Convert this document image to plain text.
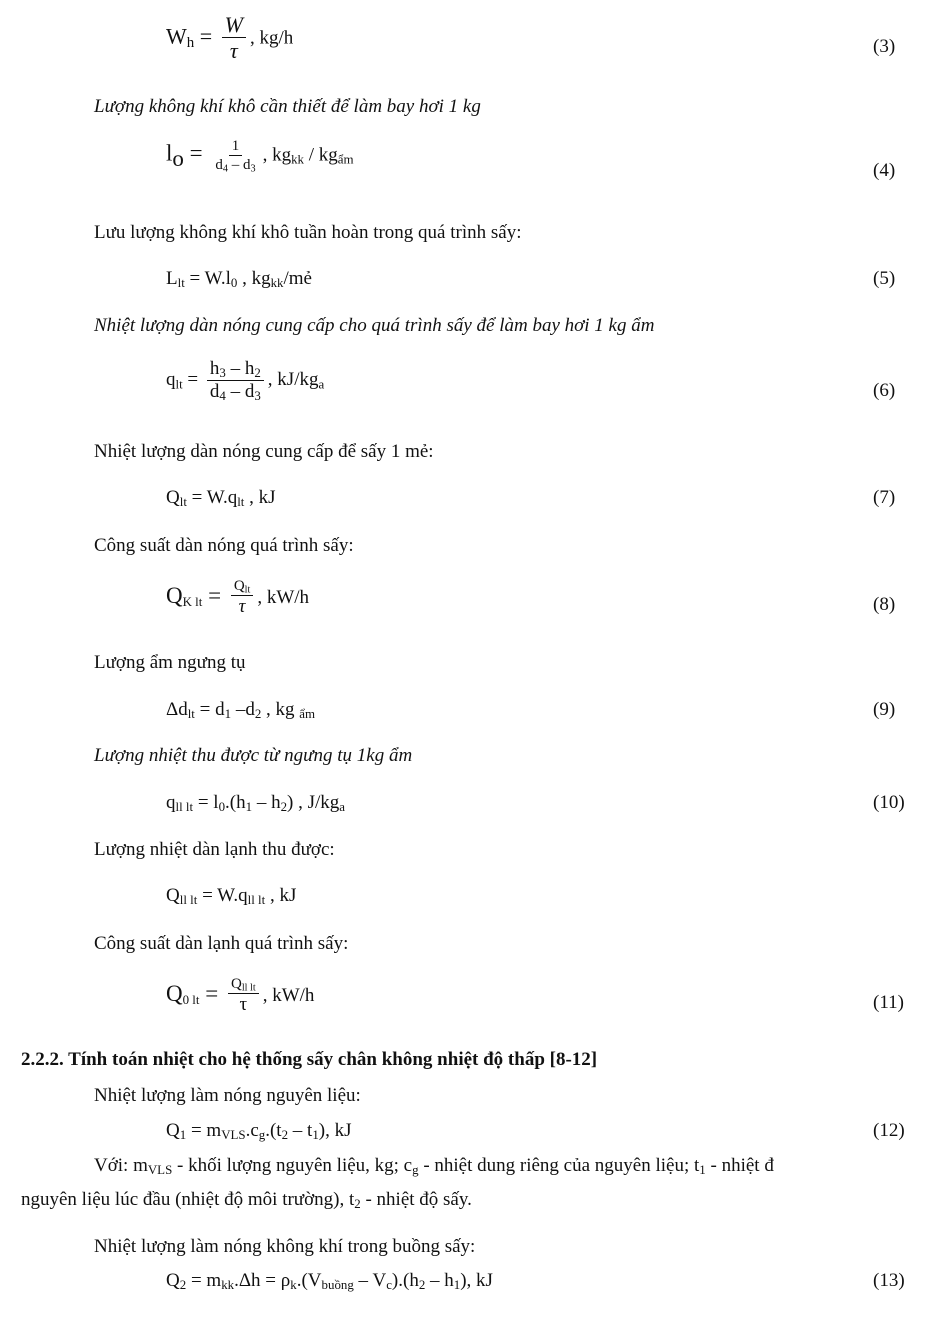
$W_h = \frac{W}{\tau}$ , kg/h	(3)
Lượng không khí khô cần thiết để làm bay hơi 1 kg
$l_o = \frac{1}{d_4 - d_3}$ , $kg_{kk} / kg_{ẩm}$
(4)
Lưu lượng không khí khô tuần hoàn trong quá trình sấy:
$L_{lt} = W.l_0$ , $kg_{kk}/mẻ$	(5)
Nhiệt lượng dàn nóng cung cấp cho quá trình sấy để làm bay hơi 1 kg ẩm
$q_{lt} = \frac{h_3 - h_2}{d_4 - d_3}$ , $kJ/kg_a$	(6)
Nhiệt lượng dàn nóng cung cấp để sấy 1 mẻ:
$Q_{lt} = W.q_{lt}$ , kJ	(7)
Công suất dàn nóng quá trình sấy:
$Q_{K lt} = \frac{Q_{lt}}{\tau}$ , kW/h	(8)
Lượng ẩm ngưng tụ
$\Delta d_{lt} = d_1$ $-d_2$ , kg $_{ẩm}$	(9)
Lượng nhiệt thu được từ ngưng tụ 1kg ẩm
$q_{ll lt} = l_0.(h_1 - h_2)$ , $J/kg_a$	(10)
Lượng nhiệt dàn lạnh thu được:
$Q_{ll lt} = W.q_{ll lt}$ , kJ
Công suất dàn lạnh quá trình sấy:
$Q_{0 lt} = \frac{Q_{ll lt}}{\tau}$ , kW/h	(11)
2.2.2. Tính toán nhiệt cho hệ thống sấy chân không nhiệt độ thấp [8-12]
Nhiệt lượng làm nóng nguyên liệu:
$Q_1 = m_{VLS}.c_g.(t_2 - t_1)$, kJ	(12)
Với: $m_{VLS}$ - khối lượng nguyên liệu, kg; $c_g$ - nhiệt dung riêng của nguyên liệu; $t_1$ - nhiệt đ
nguyên liệu lúc đầu (nhiệt độ môi trường), $t_2$ - nhiệt độ sấy.
Nhiệt lượng làm nóng không khí trong buồng sấy:
$Q_2 = m_{kk}.\Delta h = \rho_k.(V_{buồng} - V_c).(h_2 - h_1)$, kJ	(13)
